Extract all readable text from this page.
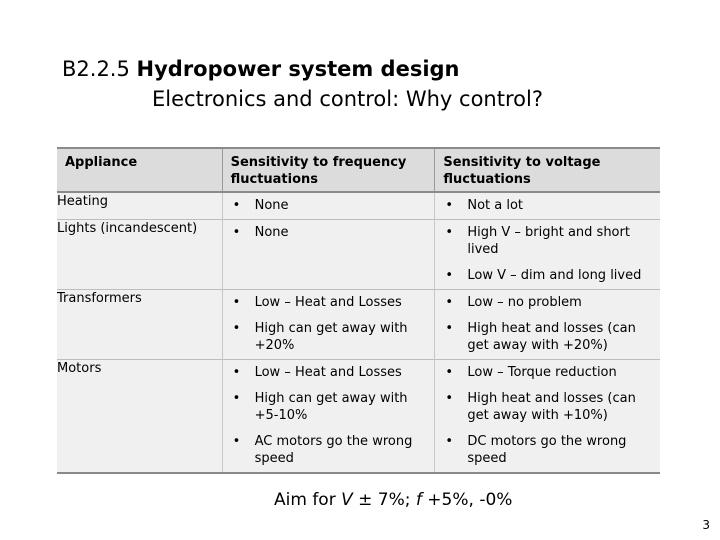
B2.2.5 Hydropower system design
Electronics and control: Why control?
Appliance	Sensitivity to frequency fluctuations	Sensitivity to voltage fluctuations
Heating	• None	• Not a lot

Lights (incandescent)	• None	• High V – bright and short lived

		• Low V – dim and long lived

Transformers	• Low – Heat and Losses	• Low – no problem

	• High can get away with +20%	• High heat and losses (can get away with +20%)

Motors	• Low – Heat and Losses	• Low – Torque reduction

	• High can get away with +5-10%	• High heat and losses (can get away with +10%)

	• AC motors go the wrong speed	• DC motors go the wrong speed
Aim for V ± 7%; f +5%, -0%
3
